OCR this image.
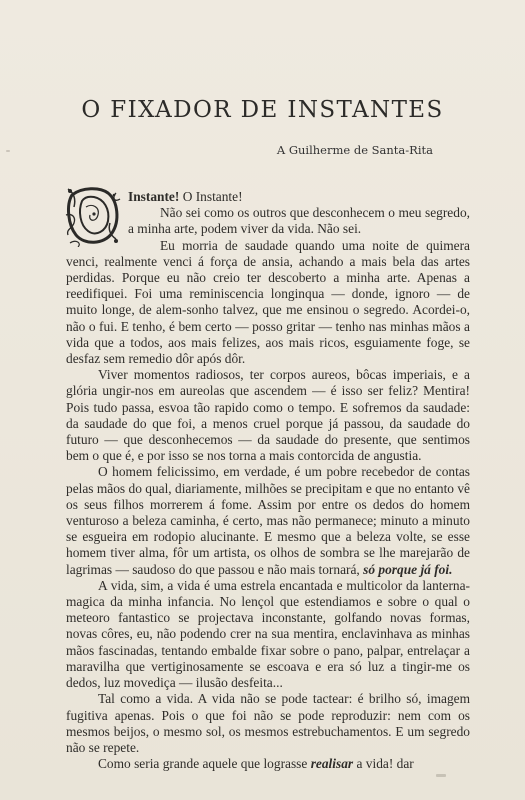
O FIXADOR DE INSTANTES
A Guilherme de Santa-Rita

Instante! O Instante!

Não sei como os outros que desconhecem o meu segredo, a minha arte, podem viver da vida. Não sei.

Eu morria de saudade quando uma noite de quimera venci, realmente venci á força de ansia, achando a mais bela das artes perdidas. Porque eu não creio ter descoberto a minha arte. Apenas a reedifiquei. Foi uma reminiscencia longinqua — donde, ignoro — de muito longe, de alem-sonho talvez, que me ensinou o segredo. Acordei-o, não o fui. E tenho, é bem certo — posso gritar — tenho nas minhas mãos a vida que a todos, aos mais felizes, aos mais ricos, esguiamente foge, se desfaz sem remedio dôr após dôr.

Viver momentos radiosos, ter corpos aureos, bôcas imperiais, e a glória ungir-nos em aureolas que ascendem — é isso ser feliz? Mentira! Pois tudo passa, esvoa tão rapido como o tempo. E sofremos da saudade: da saudade do que foi, a menos cruel porque já passou, da saudade do futuro — que desconhecemos — da saudade do presente, que sentimos bem o que é, e por isso se nos torna a mais contorcida de angustia.

O homem felicissimo, em verdade, é um pobre recebedor de contas pelas mãos do qual, diariamente, milhões se precipitam e que no entanto vê os seus filhos morrerem á fome. Assim por entre os dedos do homem venturoso a beleza caminha, é certo, mas não permanece; minuto a minuto se esgueira em rodopio alucinante. E mesmo que a beleza volte, se esse homem tiver alma, fôr um artista, os olhos de sombra se lhe marejarão de lagrimas — saudoso do que passou e não mais tornará, só porque já foi.

A vida, sim, a vida é uma estrela encantada e multicolor da lanterna-magica da minha infancia. No lençol que estendiamos e sobre o qual o meteoro fantastico se projectava inconstante, golfando novas formas, novas côres, eu, não podendo crer na sua mentira, enclavinhava as minhas mãos fascinadas, tentando embalde fixar sobre o pano, palpar, entrelaçar a maravilha que vertiginosamente se escoava e era só luz a tingir-me os dedos, luz movediça — ilusão desfeita...

Tal como a vida. A vida não se pode tactear: é brilho só, imagem fugitiva apenas. Pois o que foi não se pode reproduzir: nem com os mesmos beijos, o mesmo sol, os mesmos estrebuchamentos. E um segredo não se repete.

Como seria grande aquele que lograsse realisar a vida! dar
